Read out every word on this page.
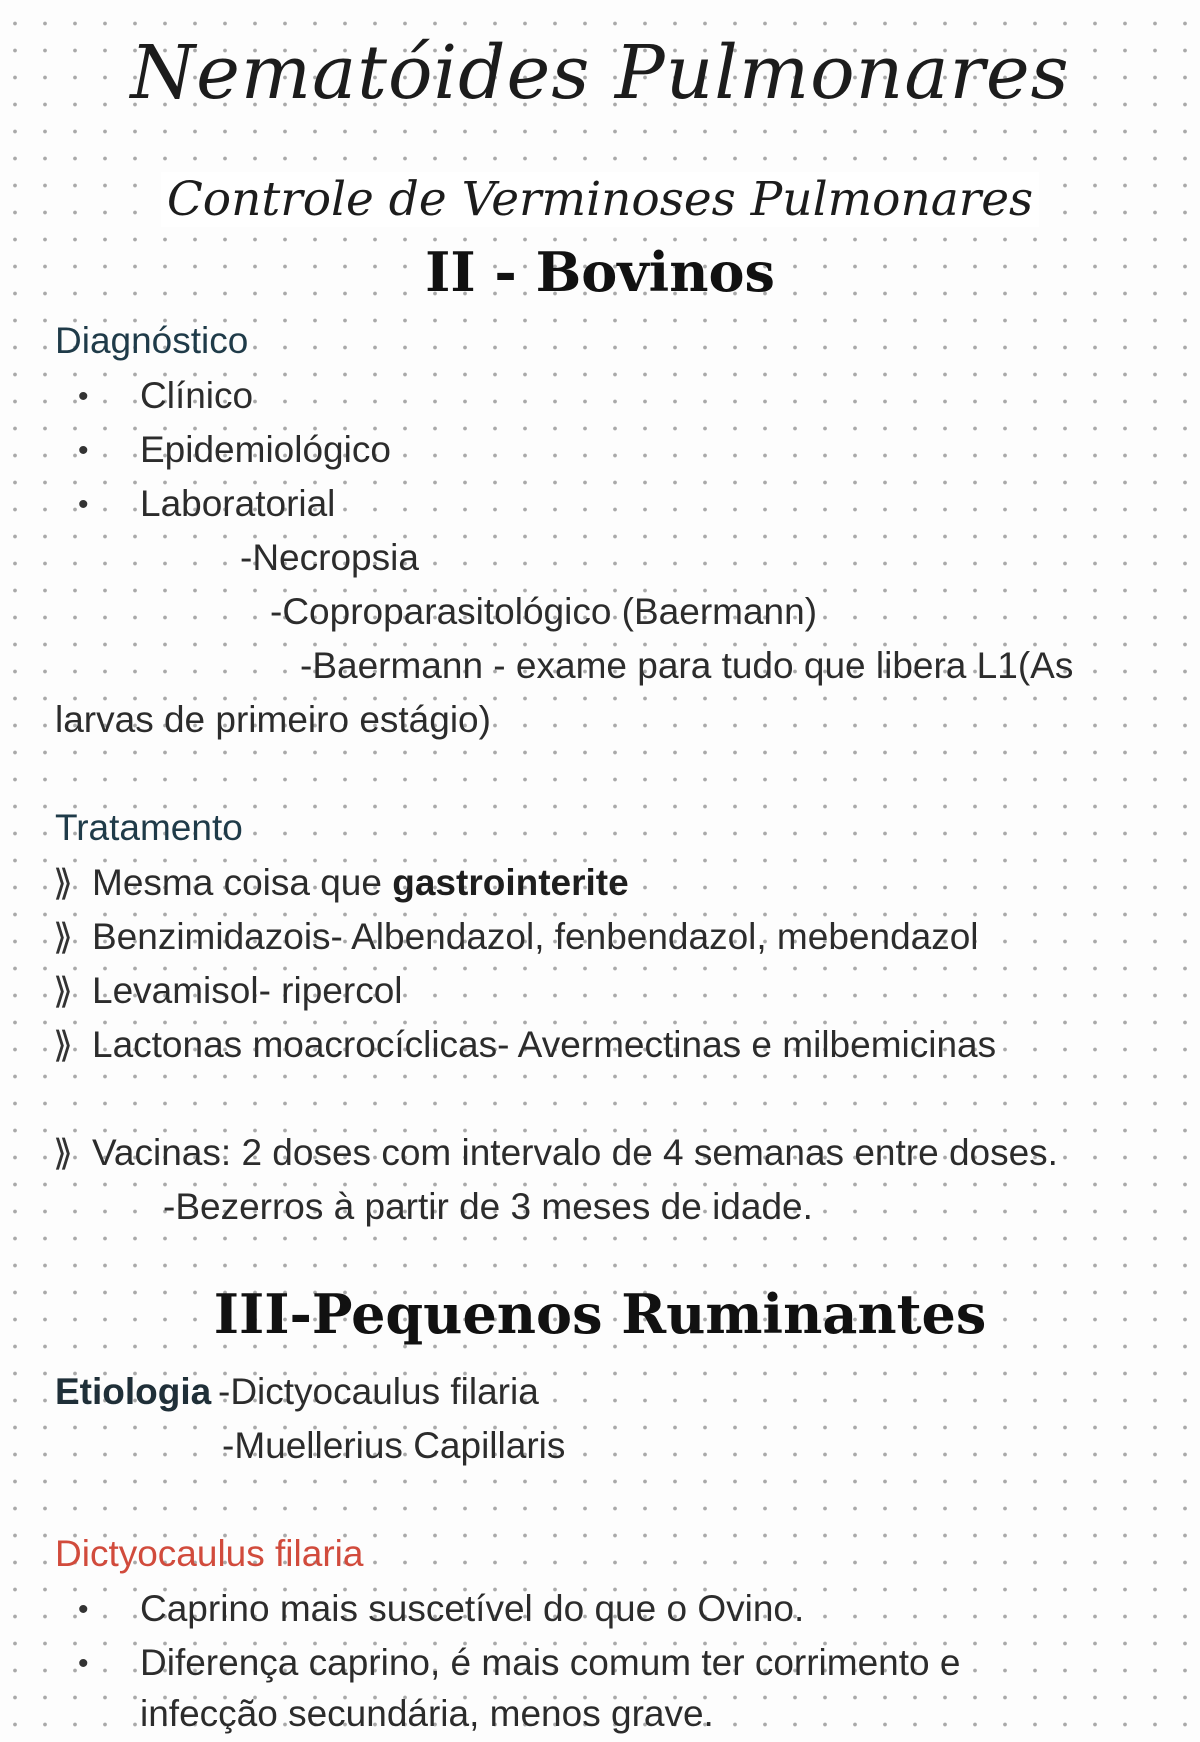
Nematóides Pulmonares
Controle de Verminoses Pulmonares
II - Bovinos
Diagnóstico
• Clínico
• Epidemiológico
• Laboratorial
-Necropsia
-Coproparasitológico (Baermann)
-Baermann - exame para tudo que libera L1(As
larvas de primeiro estágio)
Tratamento
⟫ Mesma coisa que gastrointerite
⟫ Benzimidazois- Albendazol, fenbendazol, mebendazol
⟫ Levamisol- ripercol
⟫ Lactonas moacrocíclicas- Avermectinas e milbemicinas
⟫ Vacinas: 2 doses com intervalo de 4 semanas entre doses.
-Bezerros à partir de 3 meses de idade.
III-Pequenos Ruminantes
Etiologia -Dictyocaulus filaria
-Muellerius Capillaris
Dictyocaulus filaria
• Caprino mais suscetível do que o Ovino.
• Diferença caprino, é mais comum ter corrimento e
infecção secundária, menos grave.
